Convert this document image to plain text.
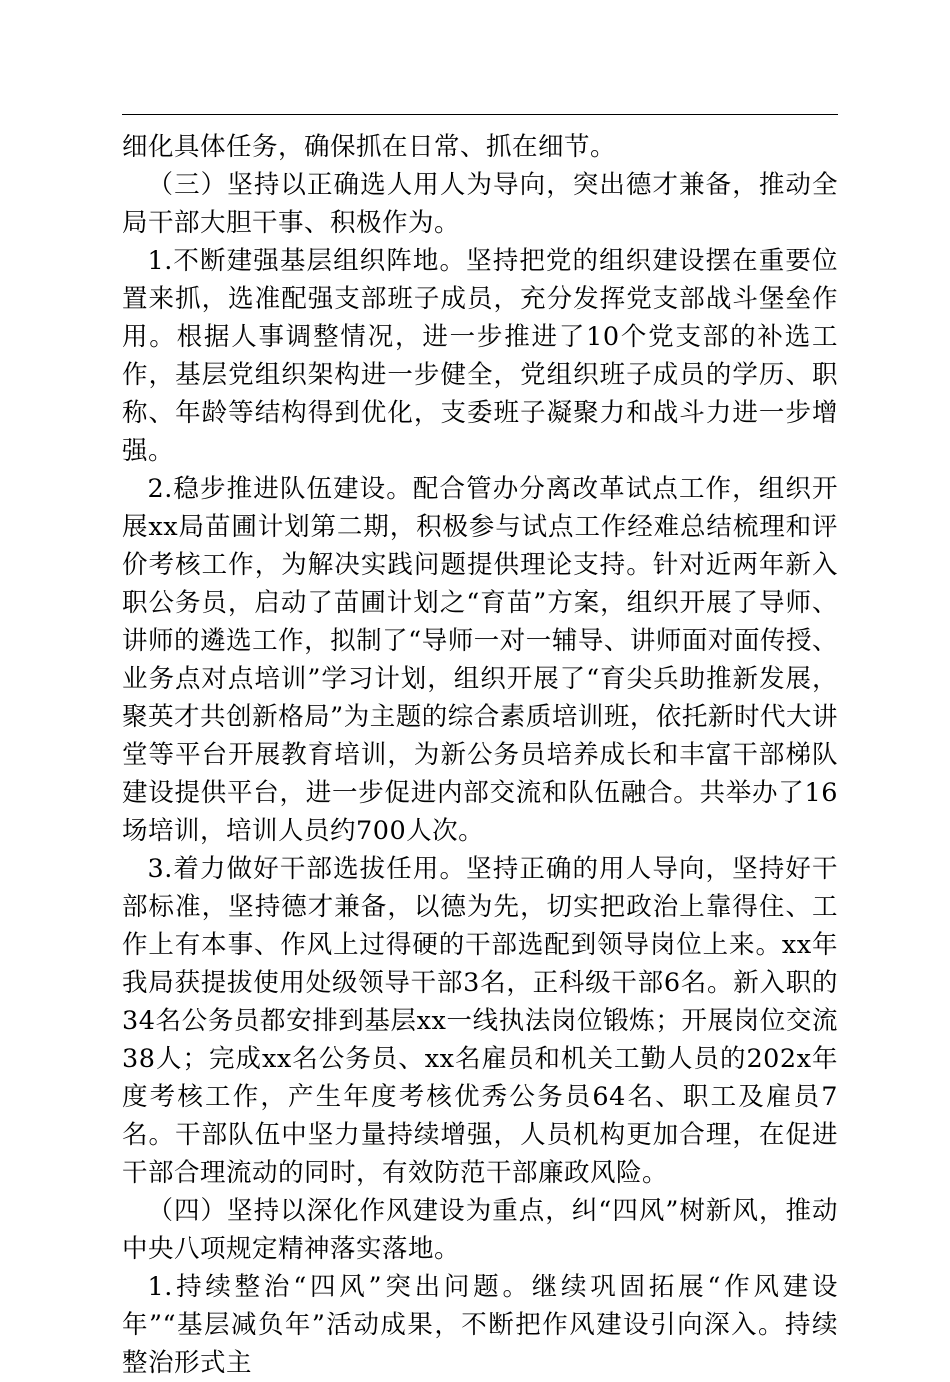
细化具体任务，确保抓在日常、抓在细节。

（三）坚持以正确选人用人为导向，突出德才兼备，推动全局干部大胆干事、积极作为。

1.不断建强基层组织阵地。坚持把党的组织建设摆在重要位置来抓，选准配强支部班子成员，充分发挥党支部战斗堡垒作用。根据人事调整情况，进一步推进了10个党支部的补选工作，基层党组织架构进一步健全，党组织班子成员的学历、职称、年龄等结构得到优化，支委班子凝聚力和战斗力进一步增强。

2.稳步推进队伍建设。配合管办分离改革试点工作，组织开展xx局苗圃计划第二期，积极参与试点工作经难总结梳理和评价考核工作，为解决实践问题提供理论支持。针对近两年新入职公务员，启动了苗圃计划之“育苗”方案，组织开展了导师、讲师的遴选工作，拟制了“导师一对一辅导、讲师面对面传授、业务点对点培训”学习计划，组织开展了“育尖兵助推新发展，聚英才共创新格局”为主题的综合素质培训班，依托新时代大讲堂等平台开展教育培训，为新公务员培养成长和丰富干部梯队建设提供平台，进一步促进内部交流和队伍融合。共举办了16场培训，培训人员约700人次。

3.着力做好干部选拔任用。坚持正确的用人导向，坚持好干部标准，坚持德才兼备，以德为先，切实把政治上靠得住、工作上有本事、作风上过得硬的干部选配到领导岗位上来。xx年我局获提拔使用处级领导干部3名，正科级干部6名。新入职的34名公务员都安排到基层xx一线执法岗位锻炼；开展岗位交流38人；完成xx名公务员、xx名雇员和机关工勤人员的202x年度考核工作，产生年度考核优秀公务员64名、职工及雇员7名。干部队伍中坚力量持续增强，人员机构更加合理，在促进干部合理流动的同时，有效防范干部廉政风险。

（四）坚持以深化作风建设为重点，纠“四风”树新风，推动中央八项规定精神落实落地。

1.持续整治“四风”突出问题。继续巩固拓展“作风建设年”“基层减负年”活动成果，不断把作风建设引向深入。持续整治形式主
